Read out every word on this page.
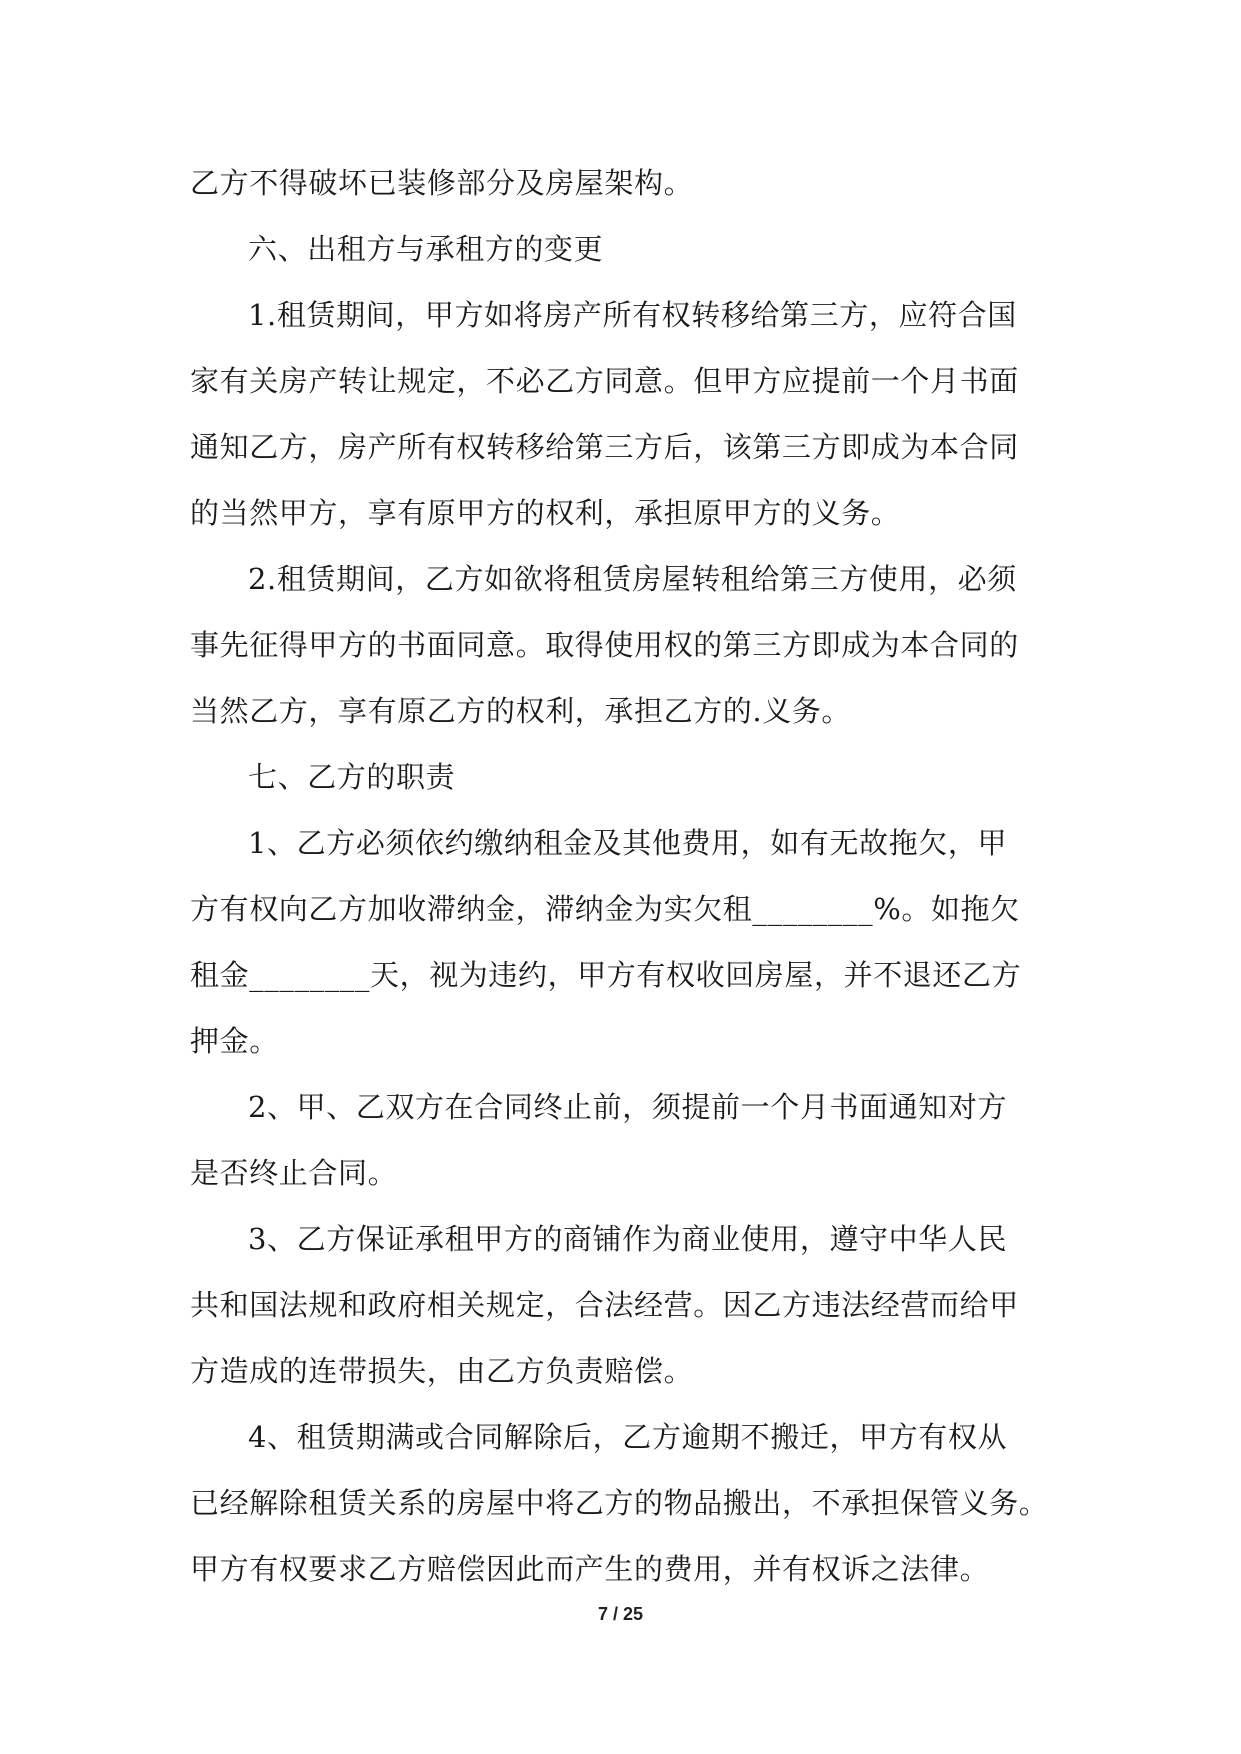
乙方不得破坏已装修部分及房屋架构。
六、出租方与承租方的变更
1.租赁期间，甲方如将房产所有权转移给第三方，应符合国
家有关房产转让规定，不必乙方同意。但甲方应提前一个月书面
通知乙方，房产所有权转移给第三方后，该第三方即成为本合同
的当然甲方，享有原甲方的权利，承担原甲方的义务。
2.租赁期间，乙方如欲将租赁房屋转租给第三方使用，必须
事先征得甲方的书面同意。取得使用权的第三方即成为本合同的
当然乙方，享有原乙方的权利，承担乙方的.义务。
七、乙方的职责
1、乙方必须依约缴纳租金及其他费用，如有无故拖欠，甲
方有权向乙方加收滞纳金，滞纳金为实欠租________%。如拖欠
租金________天，视为违约，甲方有权收回房屋，并不退还乙方
押金。
2、甲、乙双方在合同终止前，须提前一个月书面通知对方
是否终止合同。
3、乙方保证承租甲方的商铺作为商业使用，遵守中华人民
共和国法规和政府相关规定，合法经营。因乙方违法经营而给甲
方造成的连带损失，由乙方负责赔偿。
4、租赁期满或合同解除后，乙方逾期不搬迁，甲方有权从
已经解除租赁关系的房屋中将乙方的物品搬出，不承担保管义务。
甲方有权要求乙方赔偿因此而产生的费用，并有权诉之法律。
7 / 25
